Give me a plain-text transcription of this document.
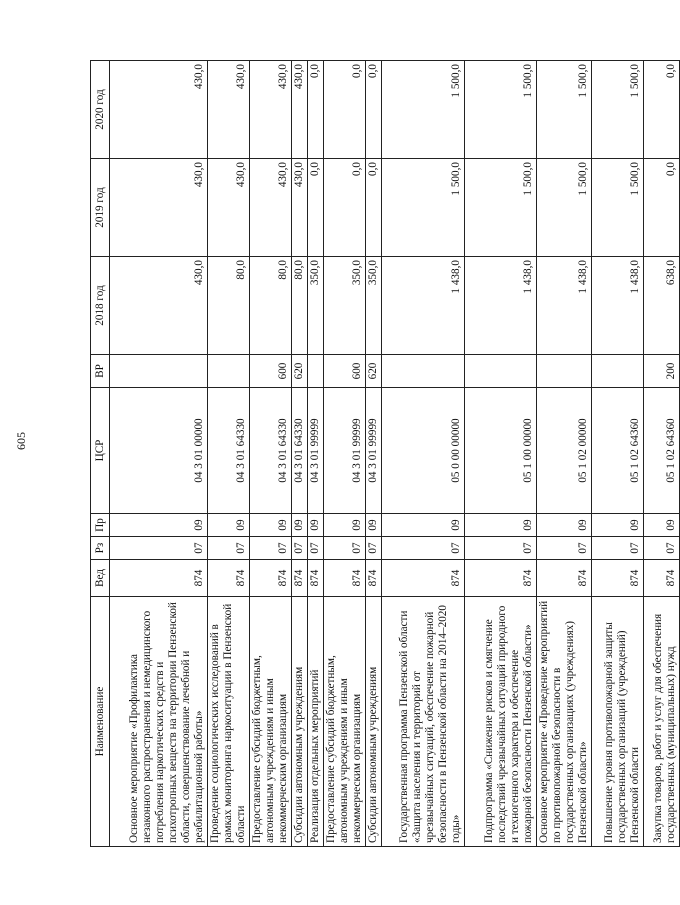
605
Наименование	Вед	Рз	Пр	ЦСР	ВР	2018 год	2019 год	2020 год
Основное мероприятие «Профилактика незаконного распространения и немедицинского потребления наркотических средств и психотропных веществ на территории Пензенской области, совершенствование лечебной и реабилитационной работы»	874	07	09	04 3 01 00000		430,0	430,0	430,0
Проведение социологических исследований в рамках мониторинга наркоситуации в Пензенской области	874	07	09	04 3 01 64330		80,0	430,0	430,0
Предоставление субсидий бюджетным, автономным учреждениям и иным некоммерческим организациям	874	07	09	04 3 01 64330	600	80,0	430,0	430,0
Субсидии автономным учреждениям	874	07	09	04 3 01 64330	620	80,0	430,0	430,0
Реализация отдельных мероприятий	874	07	09	04 3 01 99999		350,0	0,0	0,0
Предоставление субсидий бюджетным, автономным учреждениям и иным некоммерческим организациям	874	07	09	04 3 01 99999	600	350,0	0,0	0,0
Субсидии автономным учреждениям	874	07	09	04 3 01 99999	620	350,0	0,0	0,0
Государственная программа Пензенской области «Защита населения и территорий от чрезвычайных ситуаций, обеспечение пожарной безопасности в Пензенской области на 2014–2020 годы»	874	07	09	05 0 00 00000		1 438,0	1 500,0	1 500,0
Подпрограмма «Снижение рисков и смягчение последствий чрезвычайных ситуаций природного и техногенного характера и обеспечение пожарной безопасности Пензенской области»	874	07	09	05 1 00 00000		1 438,0	1 500,0	1 500,0
Основное мероприятие «Проведение мероприятий по противопожарной безопасности в государственных организациях (учреждениях) Пензенской области»	874	07	09	05 1 02 00000		1 438,0	1 500,0	1 500,0
Повышение уровня противопожарной защиты государственных организаций (учреждений) Пензенской области	874	07	09	05 1 02 64360		1 438,0	1 500,0	1 500,0
Закупка товаров, работ и услуг для обеспечения государственных (муниципальных) нужд	874	07	09	05 1 02 64360	200	638,0	0,0	0,0
